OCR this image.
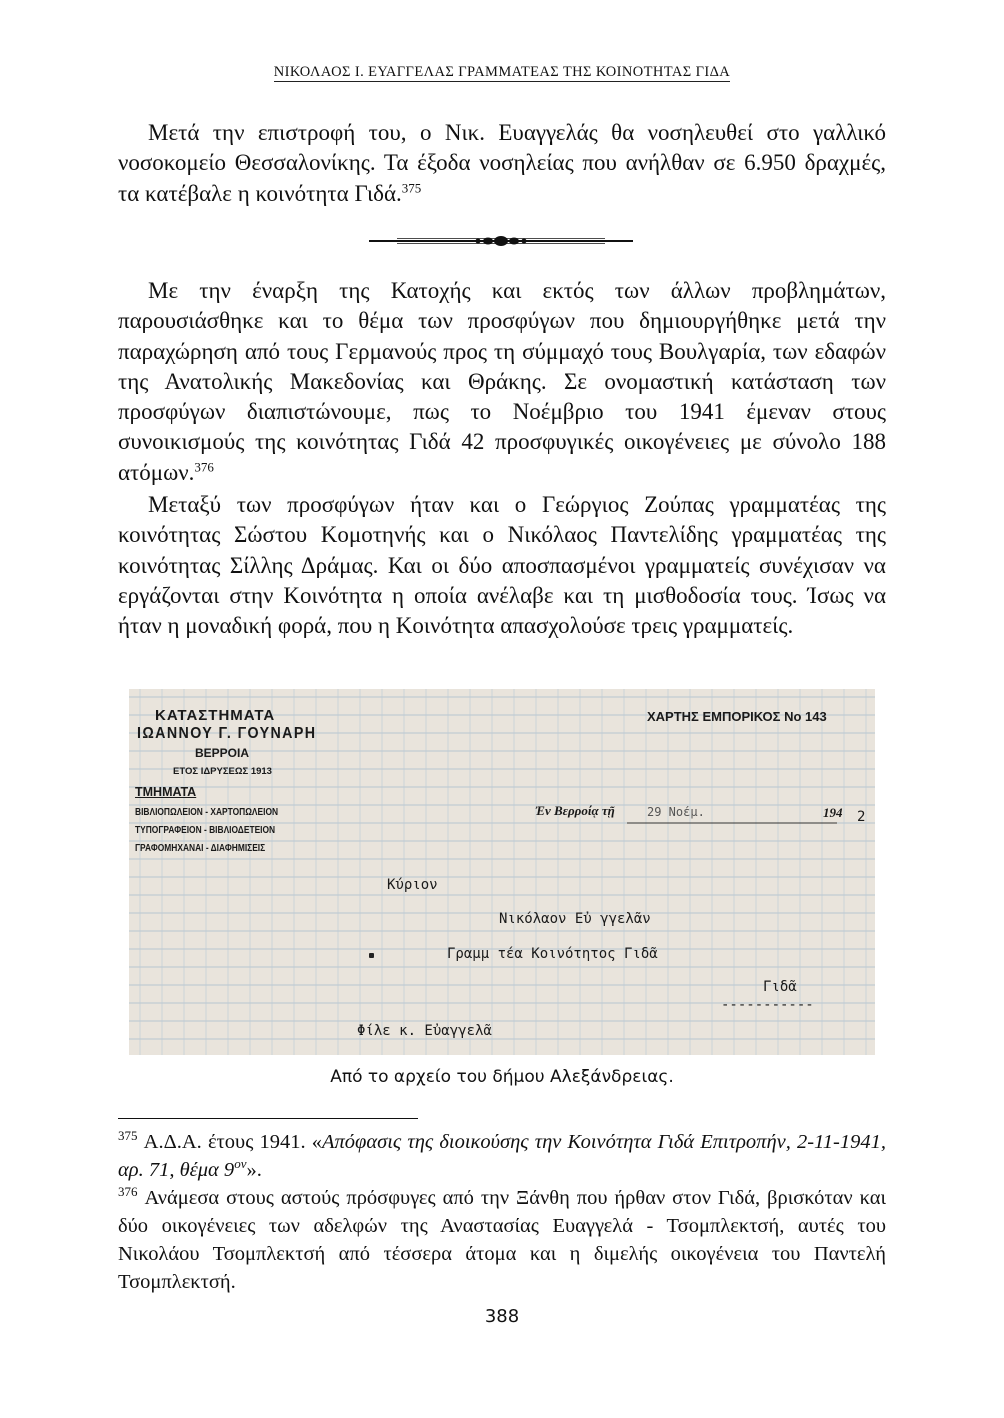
ΝΙΚΟΛΑΟΣ Ι. ΕΥΑΓΓΕΛΑΣ ΓΡΑΜΜΑΤΕΑΣ ΤΗΣ ΚΟΙΝΟΤΗΤΑΣ ΓΙΔΑ

Μετά την επιστροφή του, ο Νικ. Ευαγγελάς θα νοσηλευθεί στο γαλλικό νοσοκομείο Θεσσαλονίκης. Τα έξοδα νοσηλείας που ανήλθαν σε 6.950 δραχμές, τα κατέβαλε η κοινότητα Γιδά.$^{375}$

Με την έναρξη της Κατοχής και εκτός των άλλων προβλημάτων, παρουσιάσθηκε και το θέμα των προσφύγων που δημιουργήθηκε μετά την παραχώρηση από τους Γερμανούς προς τη σύμμαχό τους Βουλγαρία, των εδαφών της Ανατολικής Μακεδονίας και Θράκης. Σε ονομαστική κατάσταση των προσφύγων διαπιστώνουμε, πως το Νοέμβριο του 1941 έμεναν στους συνοικισμούς της κοινότητας Γιδά 42 προσφυγικές οικογένειες με σύνολο 188 ατόμων.$^{376}$

Μεταξύ των προσφύγων ήταν και ο Γεώργιος Ζούπας γραμματέας της κοινότητας Σώστου Κομοτηνής και ο Νικόλαος Παντελίδης γραμματέας της κοινότητας Σίλλης Δράμας. Και οι δύο αποσπασμένοι γραμματείς συνέχισαν να εργάζονται στην Κοινότητα η οποία ανέλαβε και τη μισθοδοσία τους. Ίσως να ήταν η μοναδική φορά, που η Κοινότητα απασχολούσε τρεις γραμματείς.

ΚΑΤΑΣΤΗΜΑΤΑ
ΙΩΑΝΝΟΥ Γ. ΓΟΥΝΑΡΗ
ΒΕΡΡΟΙΑ
ΕΤΟΣ ΙΔΡΥΣΕΩΣ 1913
ΤΜΗΜΑΤΑ
ΒΙΒΛΙΟΠΩΛΕΙΟΝ - ΧΑΡΤΟΠΩΛΕΙΟΝ
ΤΥΠΟΓΡΑΦΕΙΟΝ - ΒΙΒΛΙΟΔΕΤΕΙΟΝ
ΓΡΑΦΟΜΗΧΑΝΑΙ - ΔΙΑΦΗΜΙΣΕΙΣ
ΧΑΡΤΗΣ ΕΜΠΟΡΙΚΟΣ Νο 143
Ἐν Βερροίᾳ τῇ	29 Νοέμ.	194 2
Κύριον
Νικόλαον Εὐ γγελᾶν
Γραμμ τέα Κοινότητος Γιδᾶ
Γιδᾶ
-----------
Φίλε κ. Εὐαγγελᾶ
Από το αρχείο του δήμου Αλεξάνδρειας.

$^{375}$ Α.Δ.Α. έτους 1941. «Απόφασις της διοικούσης την Κοινότητα Γιδά Επιτροπήν, 2-11-1941, αρ. 71, θέμα $9^{o\nu}$».

$^{376}$ Ανάμεσα στους αστούς πρόσφυγες από την Ξάνθη που ήρθαν στον Γιδά, βρισκόταν και δύο οικογένειες των αδελφών της Αναστασίας Ευαγγελά - Τσομπλεκτσή, αυτές του Νικολάου Τσομπλεκτσή από τέσσερα άτομα και η διμελής οικογένεια του Παντελή Τσομπλεκτσή.

388
